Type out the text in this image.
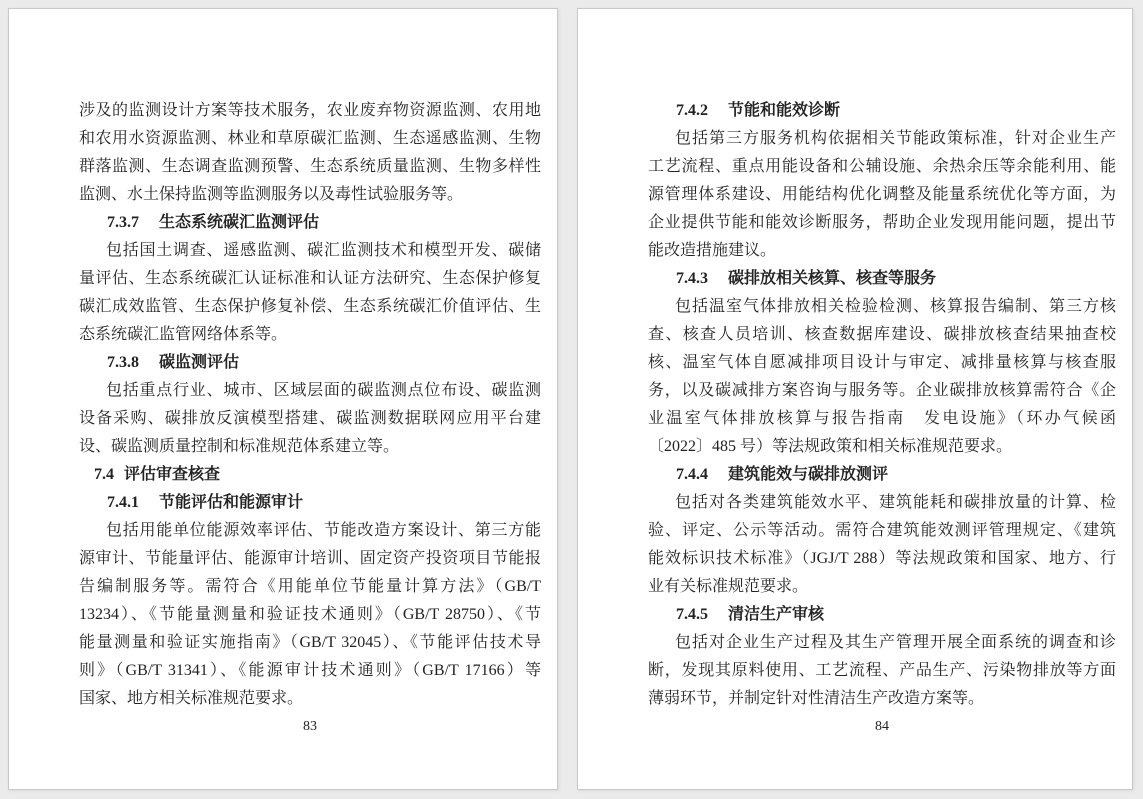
涉及的监测设计方案等技术服务，农业废弃物资源监测、农用地
和农用水资源监测、林业和草原碳汇监测、生态遥感监测、生物
群落监测、生态调查监测预警、生态系统质量监测、生物多样性
监测、水土保持监测等监测服务以及毒性试验服务等。
7.3.7 生态系统碳汇监测评估
包括国土调查、遥感监测、碳汇监测技术和模型开发、碳储
量评估、生态系统碳汇认证标准和认证方法研究、生态保护修复
碳汇成效监管、生态保护修复补偿、生态系统碳汇价值评估、生
态系统碳汇监管网络体系等。
7.3.8 碳监测评估
包括重点行业、城市、区域层面的碳监测点位布设、碳监测
设备采购、碳排放反演模型搭建、碳监测数据联网应用平台建
设、碳监测质量控制和标准规范体系建立等。
7.4 评估审查核查
7.4.1 节能评估和能源审计
包括用能单位能源效率评估、节能改造方案设计、第三方能
源审计、节能量评估、能源审计培训、固定资产投资项目节能报
告编制服务等。需符合《用能单位节能量计算方法》（GB/T
13234）、《节能量测量和验证技术通则》（GB/T 28750）、《节
能量测量和验证实施指南》（GB/T 32045）、《节能评估技术导
则》（GB/T 31341）、《能源审计技术通则》（GB/T 17166）等
国家、地方相关标准规范要求。
83
7.4.2 节能和能效诊断
包括第三方服务机构依据相关节能政策标准，针对企业生产
工艺流程、重点用能设备和公辅设施、余热余压等余能利用、能
源管理体系建设、用能结构优化调整及能量系统优化等方面，为
企业提供节能和能效诊断服务，帮助企业发现用能问题，提出节
能改造措施建议。
7.4.3 碳排放相关核算、核查等服务
包括温室气体排放相关检验检测、核算报告编制、第三方核
查、核查人员培训、核查数据库建设、碳排放核查结果抽查校
核、温室气体自愿减排项目设计与审定、减排量核算与核查服
务，以及碳减排方案咨询与服务等。企业碳排放核算需符合《企
业温室气体排放核算与报告指南　发电设施》（环办气候函
〔2022〕485 号）等法规政策和相关标准规范要求。
7.4.4 建筑能效与碳排放测评
包括对各类建筑能效水平、建筑能耗和碳排放量的计算、检
验、评定、公示等活动。需符合建筑能效测评管理规定、《建筑
能效标识技术标准》（JGJ/T 288）等法规政策和国家、地方、行
业有关标准规范要求。
7.4.5 清洁生产审核
包括对企业生产过程及其生产管理开展全面系统的调查和诊
断，发现其原料使用、工艺流程、产品生产、污染物排放等方面
薄弱环节，并制定针对性清洁生产改造方案等。
84
